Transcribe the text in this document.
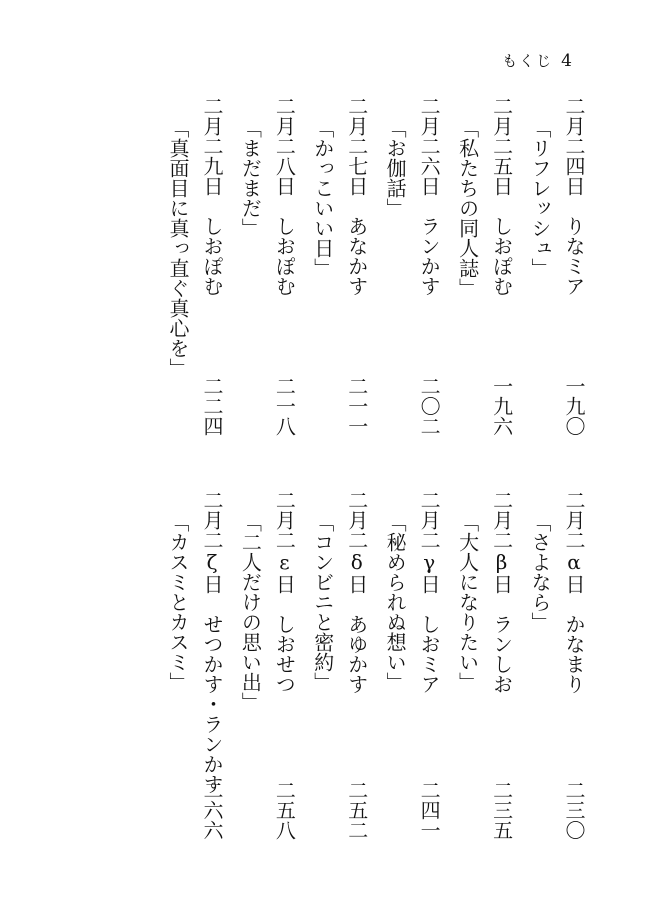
もくじ 4
二月二四日りなミア
「リフレッシュ」
一九〇
二月二五日しおぽむ
「私たちの同人誌」
一九六
二月二六日ランかす
「お伽話」
二〇二
二月二七日あなかす
「かっこいい日」
二一一
二月二八日しおぽむ
「まだまだ」
二一八
二月二九日しおぽむ
「真面目に真っ直ぐ真心を」
二二四
二月二α日かなまり
「さよなら」
二三〇
二月二β日ランしお
「大人になりたい」
二三五
二月二γ日しおミア
「秘められぬ想い」
二四一
二月二δ日あゆかす
「コンビニと密約」
二五二
二月二ε日しおせつ
「二人だけの思い出」
二五八
二月二ζ日せつかす・ランかす
「カスミとカスミ」
二六六
